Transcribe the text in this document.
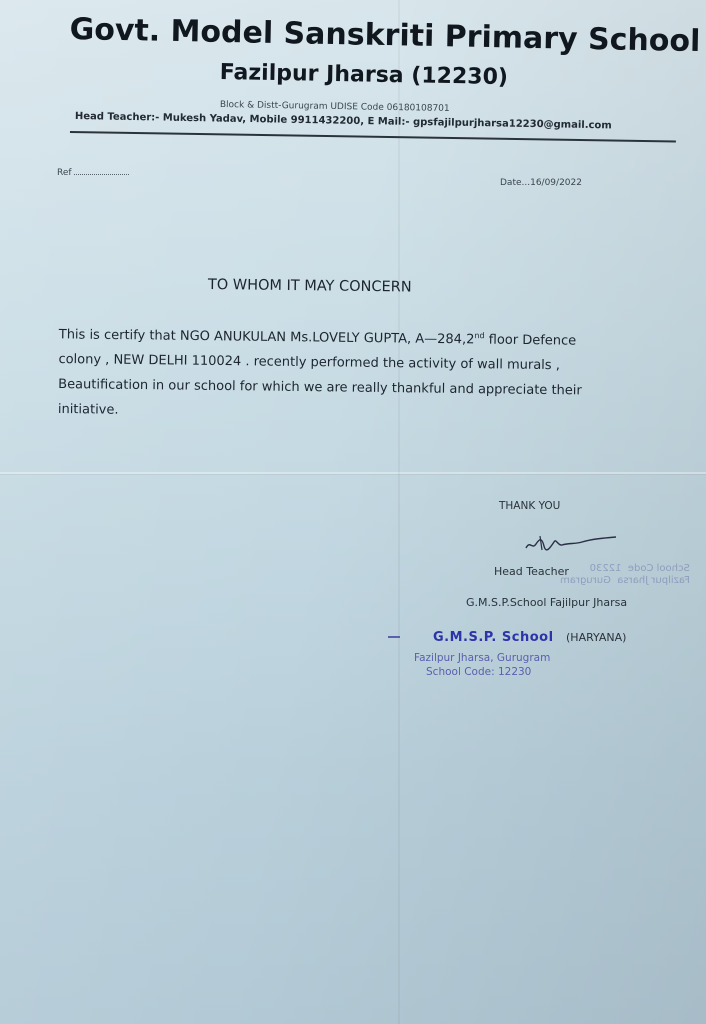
Govt. Model Sanskriti Primary School
Fazilpur Jharsa (12230)
Block & Distt-Gurugram UDISE Code 06180108701
Head Teacher:- Mukesh Yadav, Mobile 9911432200, E Mail:- gpsfajilpurjharsa12230@gmail.com
Ref
Date...16/09/2022
TO WHOM IT MAY CONCERN
This is certify that NGO ANUKULAN Ms.LOVELY GUPTA, A—284,2nd floor Defence
colony , NEW DELHI 110024 . recently performed the activity of wall murals ,
Beautification in our school for which we are really thankful and appreciate their
initiative.
THANK YOU
School Code  12230
Fazilpur Jharsa  Gurugram
Head Teacher
G.M.S.P.School Fajilpur Jharsa
(HARYANA)
G.M.S.P. School
Fazilpur Jharsa, Gurugram
School Code: 12230
